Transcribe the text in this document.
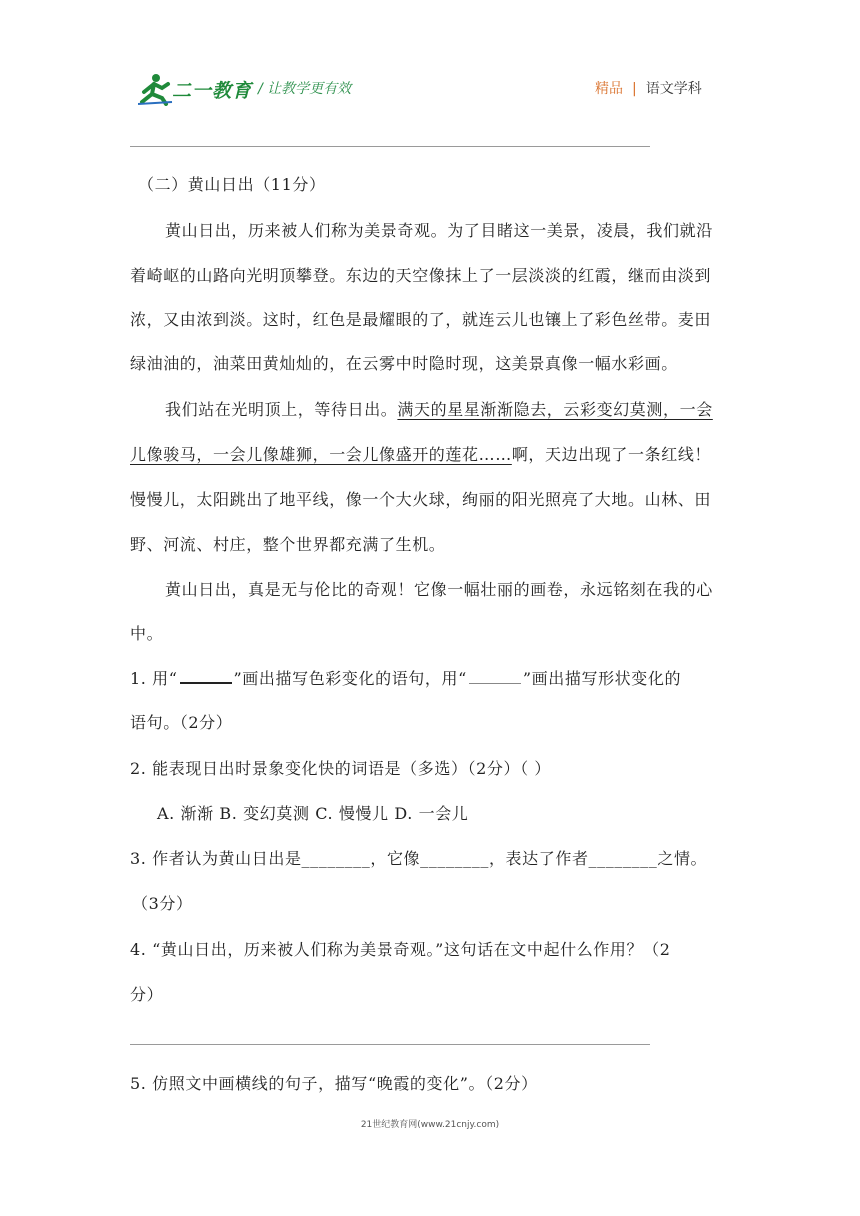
二一教育 / 让教学更有效	精品 | 语文学科
（二）黄山日出（11分）
黄山日出，历来被人们称为美景奇观。为了目睹这一美景，凌晨，我们就沿
着崎岖的山路向光明顶攀登。东边的天空像抹上了一层淡淡的红霞，继而由淡到
浓，又由浓到淡。这时，红色是最耀眼的了，就连云儿也镶上了彩色丝带。麦田
绿油油的，油菜田黄灿灿的，在云雾中时隐时现，这美景真像一幅水彩画。
我们站在光明顶上，等待日出。满天的星星渐渐隐去，云彩变幻莫测，一会
儿像骏马，一会儿像雄狮，一会儿像盛开的莲花……啊，天边出现了一条红线！
慢慢儿，太阳跳出了地平线，像一个大火球，绚丽的阳光照亮了大地。山林、田
野、河流、村庄，整个世界都充满了生机。
黄山日出，真是无与伦比的奇观！它像一幅壮丽的画卷，永远铭刻在我的心
中。
1. 用“	”画出描写色彩变化的语句，用“	”画出描写形状变化的
语句。（2分）
2. 能表现日出时景象变化快的词语是（多选）（2分）（ ）
A. 渐渐 B. 变幻莫测 C. 慢慢儿 D. 一会儿
3. 作者认为黄山日出是________，它像________，表达了作者________之情。
（3分）
4. “黄山日出，历来被人们称为美景奇观。”这句话在文中起什么作用？（2
分）
5. 仿照文中画横线的句子，描写“晚霞的变化”。（2分）
21世纪教育网(www.21cnjy.com)
